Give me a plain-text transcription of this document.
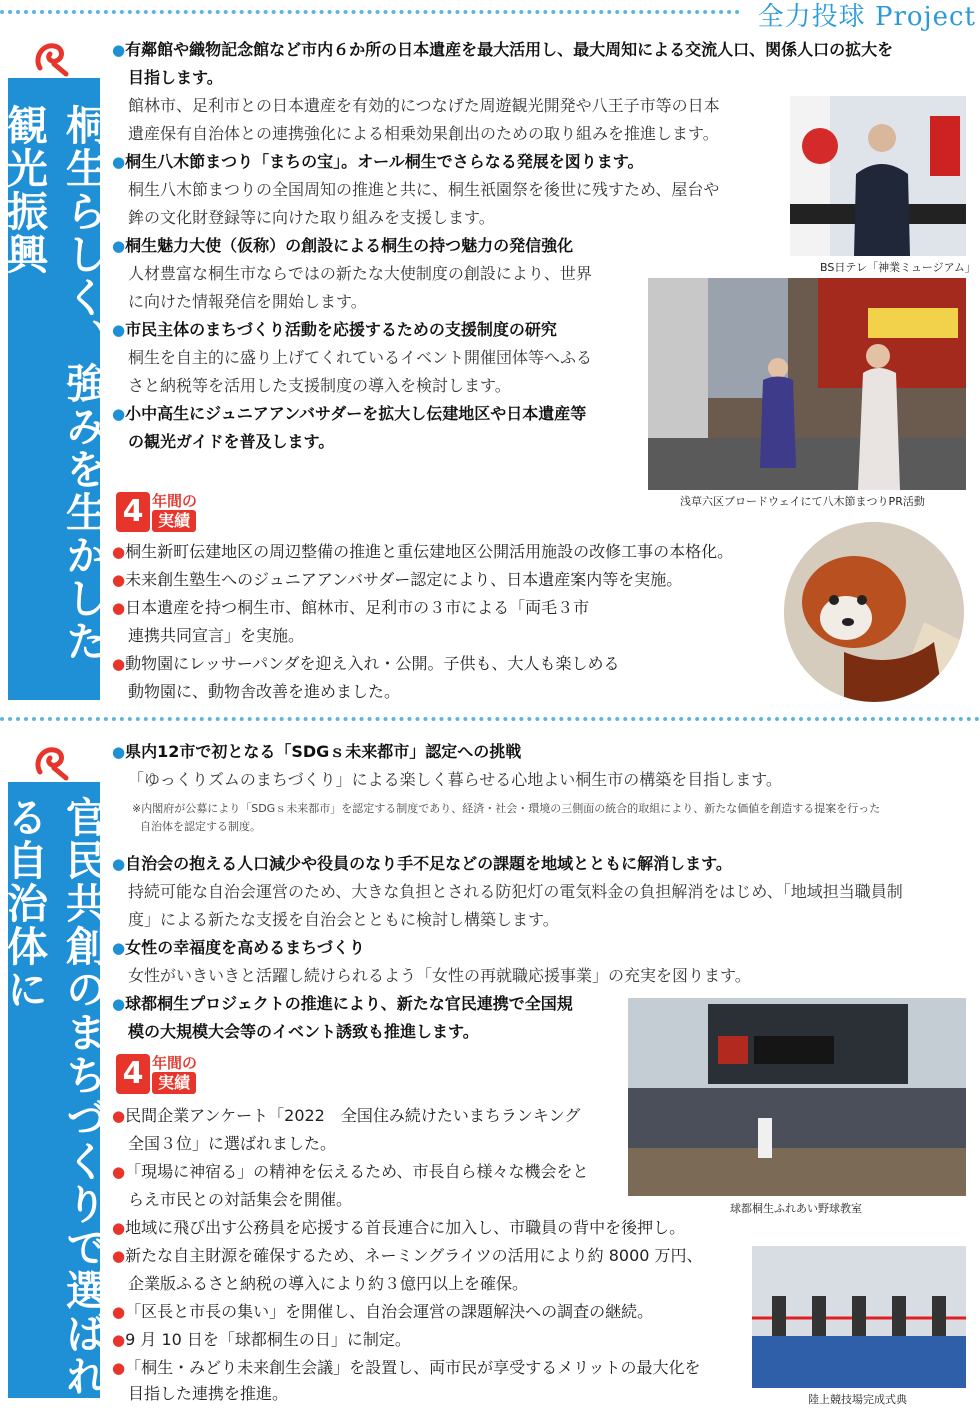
全力投球 Project
桐生らしく、強みを生かした観光振興
●有鄰館や織物記念館など市内６か所の日本遺産を最大活用し、最大周知による交流人口、関係人口の拡大を
目指します。
館林市、足利市との日本遺産を有効的につなげた周遊観光開発や八王子市等の日本
遺産保有自治体との連携強化による相乗効果創出のための取り組みを推進します。
●桐生八木節まつり「まちの宝」。オール桐生でさらなる発展を図ります。
桐生八木節まつりの全国周知の推進と共に、桐生祇園祭を後世に残すため、屋台や
鉾の文化財登録等に向けた取り組みを支援します。
●桐生魅力大使（仮称）の創設による桐生の持つ魅力の発信強化
人材豊富な桐生市ならではの新たな大使制度の創設により、世界
に向けた情報発信を開始します。
●市民主体のまちづくり活動を応援するための支援制度の研究
桐生を自主的に盛り上げてくれているイベント開催団体等へふる
さと納税等を活用した支援制度の導入を検討します。
●小中高生にジュニアアンバサダーを拡大し伝建地区や日本遺産等
の観光ガイドを普及します。
BS日テレ「神業ミュージアム」
浅草六区ブロードウェイにて八木節まつりPR活動
4 年間の
実績
●桐生新町伝建地区の周辺整備の推進と重伝建地区公開活用施設の改修工事の本格化。
●未来創生塾生へのジュニアアンバサダー認定により、日本遺産案内等を実施。
●日本遺産を持つ桐生市、館林市、足利市の３市による「両毛３市
連携共同宣言」を実施。
●動物園にレッサーパンダを迎え入れ・公開。子供も、大人も楽しめる
動物園に、動物舎改善を進めました。
官民共創のまちづくりで選ばれる自治体に
●県内12市で初となる「SDGｓ未来都市」認定への挑戦
「ゆっくりズムのまちづくり」による楽しく暮らせる心地よい桐生市の構築を目指します。
※内閣府が公募により「SDGｓ未来都市」を認定する制度であり、経済・社会・環境の三側面の統合的取組により、新たな価値を創造する提案を行った
自治体を認定する制度。
●自治会の抱える人口減少や役員のなり手不足などの課題を地域とともに解消します。
持続可能な自治会運営のため、大きな負担とされる防犯灯の電気料金の負担解消をはじめ、「地域担当職員制
度」による新たな支援を自治会とともに検討し構築します。
●女性の幸福度を高めるまちづくり
女性がいきいきと活躍し続けられるよう「女性の再就職応援事業」の充実を図ります。
●球都桐生プロジェクトの推進により、新たな官民連携で全国規
模の大規模大会等のイベント誘致も推進します。
4 年間の
実績
球都桐生ふれあい野球教室
●民間企業アンケート「2022　全国住み続けたいまちランキング
全国３位」に選ばれました。
●「現場に神宿る」の精神を伝えるため、市長自ら様々な機会をと
らえ市民との対話集会を開催。
●地域に飛び出す公務員を応援する首長連合に加入し、市職員の背中を後押し。
●新たな自主財源を確保するため、ネーミングライツの活用により約 8000 万円、
企業版ふるさと納税の導入により約３億円以上を確保。
●「区長と市長の集い」を開催し、自治会運営の課題解決への調査の継続。
●9 月 10 日を「球都桐生の日」に制定。
●「桐生・みどり未来創生会議」を設置し、両市民が享受するメリットの最大化を
目指した連携を推進。	陸上競技場完成式典
